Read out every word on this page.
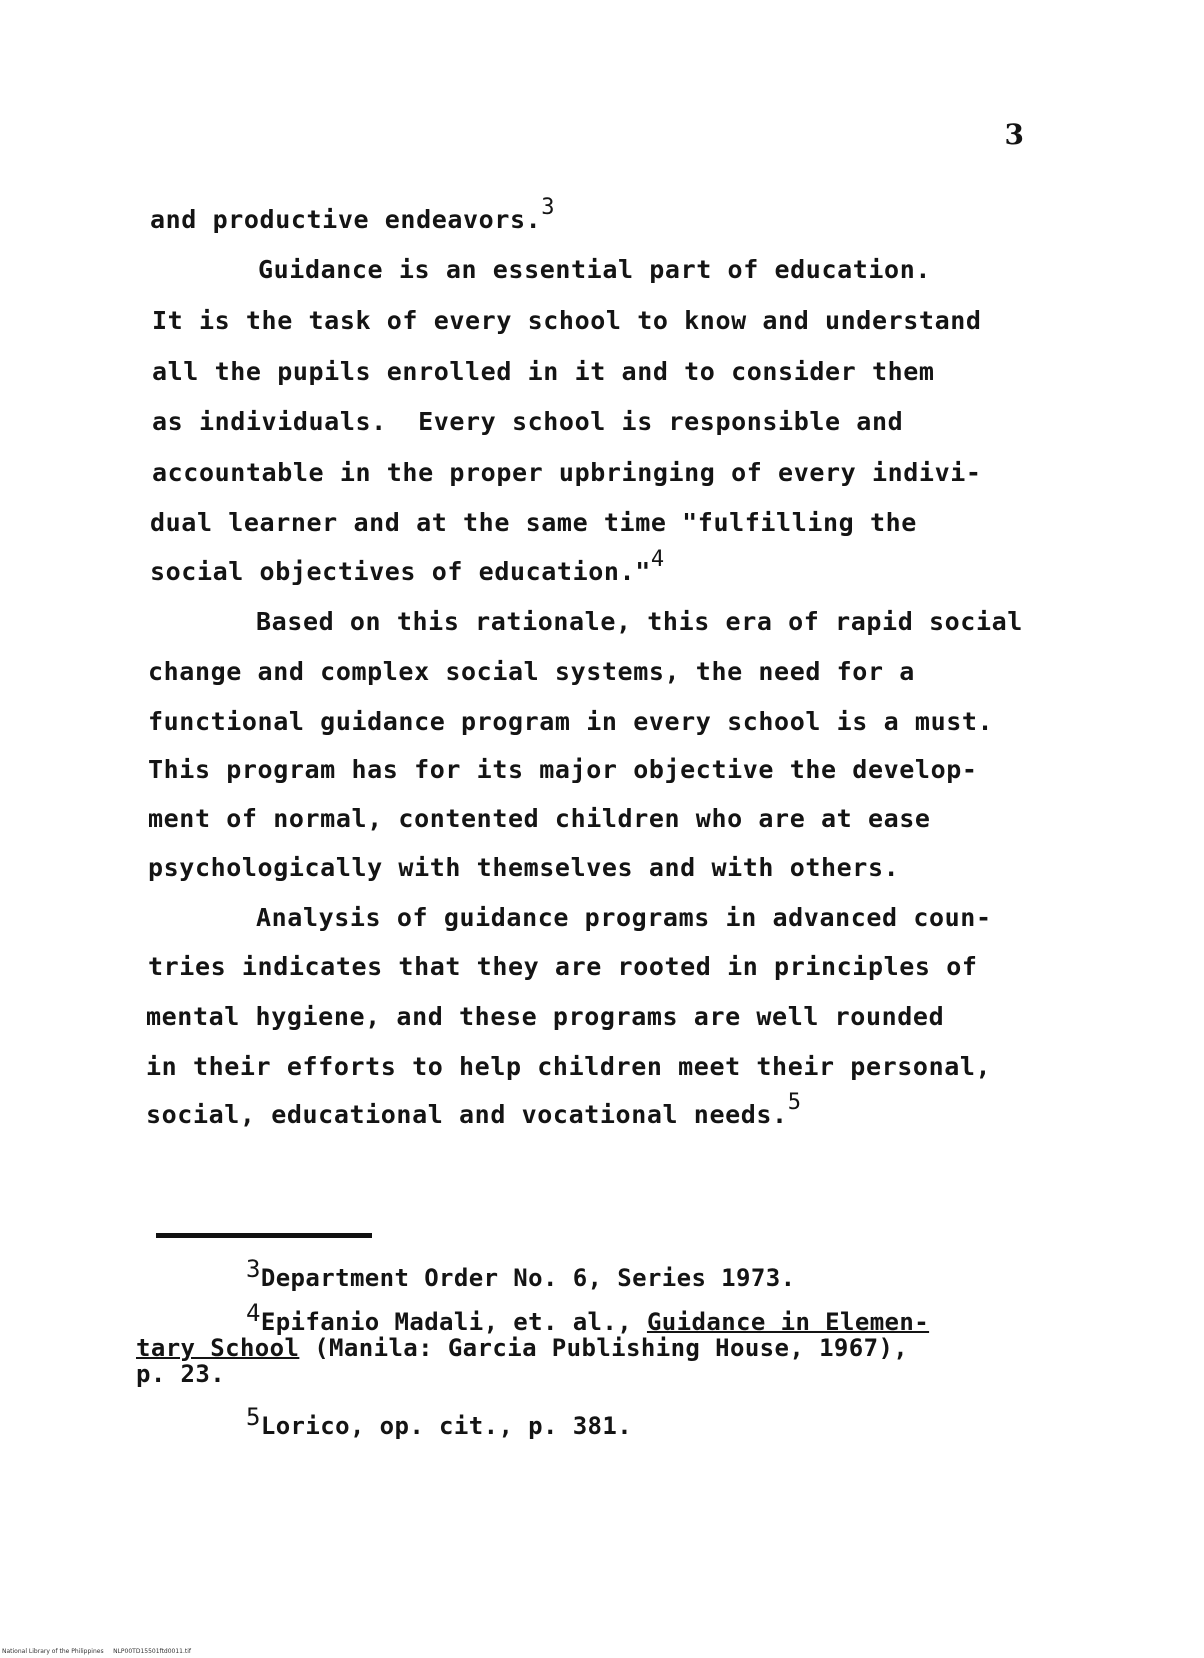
3
and productive endeavors.$^3$
Guidance is an essential part of education.
It is the task of every school to know and understand
all the pupils enrolled in it and to consider them
as individuals.  Every school is responsible and
accountable in the proper upbringing of every indivi-
dual learner and at the same time "fulfilling the
social objectives of education."$^4$
Based on this rationale, this era of rapid social
change and complex social systems, the need for a
functional guidance program in every school is a must.
This program has for its major objective the develop-
ment of normal, contented children who are at ease
psychologically with themselves and with others.
Analysis of guidance programs in advanced coun-
tries indicates that they are rooted in principles of
mental hygiene, and these programs are well rounded
in their efforts to help children meet their personal,
social, educational and vocational needs.$^5$
3Department Order No. 6, Series 1973.
4Epifanio Madali, et. al., Guidance in Elemen-
tary School (Manila: Garcia Publishing House, 1967),
p. 23.
5Lorico, op. cit., p. 381.
National Library of the Philippines     NLP00TD15501ftd0011.tif
